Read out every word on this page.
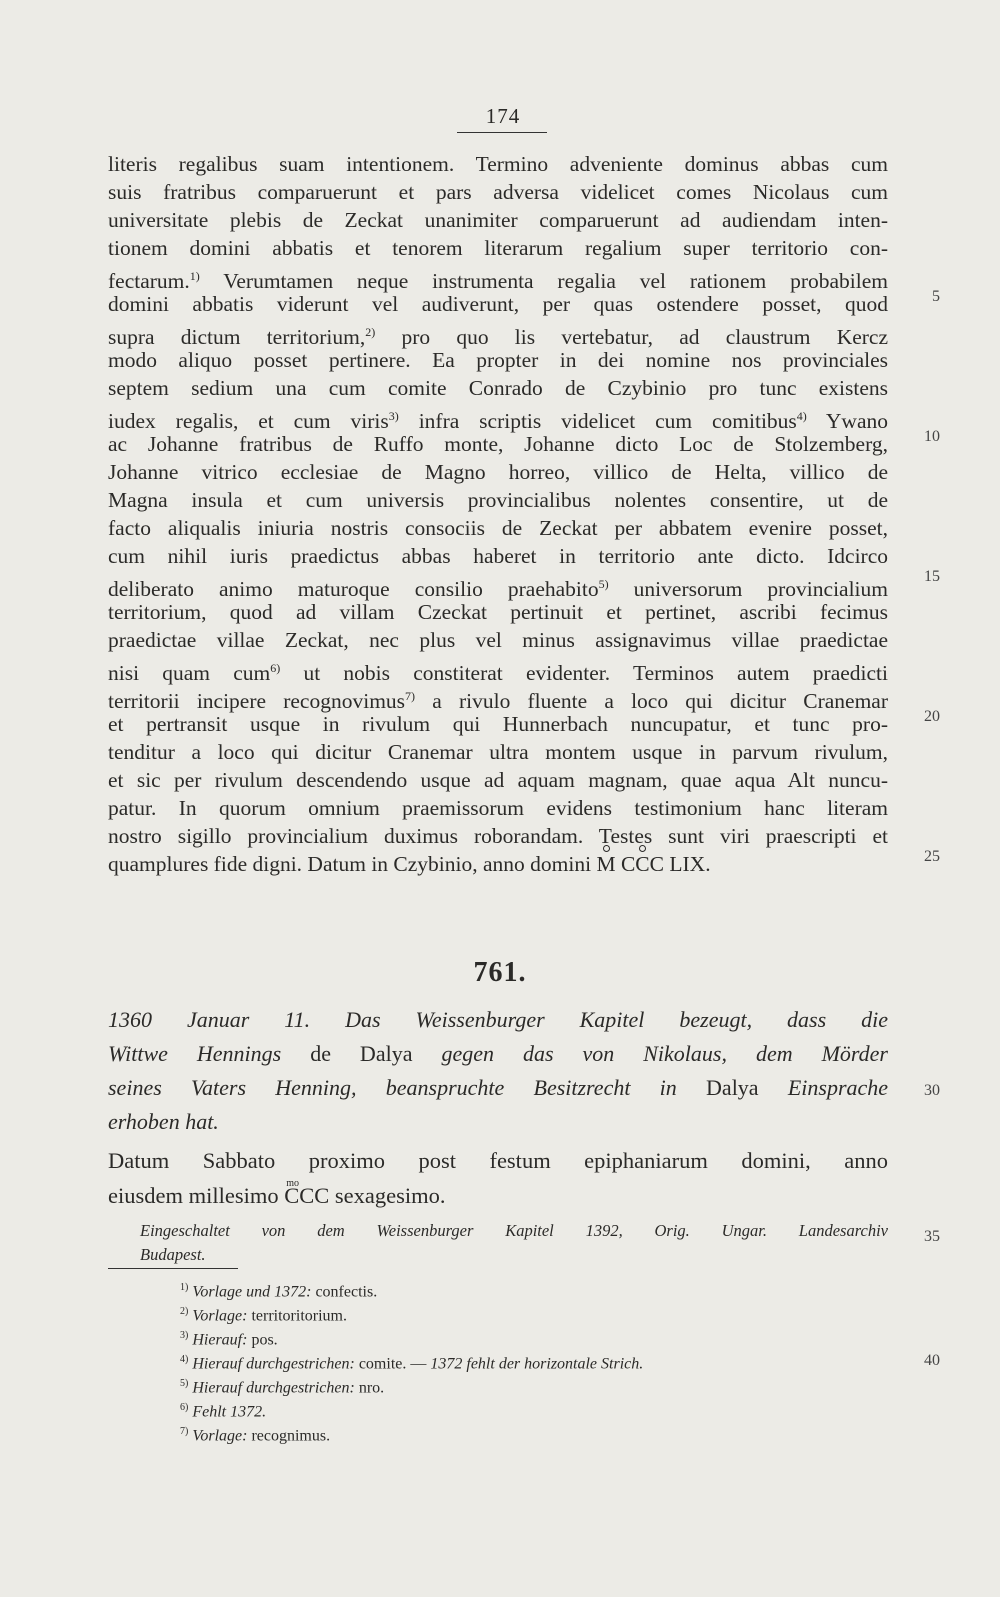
174
literis regalibus suam intentionem. Termino adveniente dominus abbas cum
suis fratribus comparuerunt et pars adversa videlicet comes Nicolaus cum
universitate plebis de Zeckat unanimiter comparuerunt ad audiendam inten-
tionem domini abbatis et tenorem literarum regalium super territorio con-
fectarum.$^{1)}$ Verumtamen neque instrumenta regalia vel rationem probabilem
domini abbatis viderunt vel audiverunt, per quas ostendere posset, quod
supra dictum territorium,$^{2)}$ pro quo lis vertebatur, ad claustrum Kercz
modo aliquo posset pertinere. Ea propter in dei nomine nos provinciales
septem sedium una cum comite Conrado de Czybinio pro tunc existens
iudex regalis, et cum viris$^{3)}$ infra scriptis videlicet cum comitibus$^{4)}$ Ywano
ac Johanne fratribus de Ruffo monte, Johanne dicto Loc de Stolzemberg,
Johanne vitrico ecclesiae de Magno horreo, villico de Helta, villico de
Magna insula et cum universis provincialibus nolentes consentire, ut de
facto aliqualis iniuria nostris consociis de Zeckat per abbatem evenire posset,
cum nihil iuris praedictus abbas haberet in territorio ante dicto. Idcirco
deliberato animo maturoque consilio praehabito$^{5)}$ universorum provincialium
territorium, quod ad villam Czeckat pertinuit et pertinet, ascribi fecimus
praedictae villae Zeckat, nec plus vel minus assignavimus villae praedictae
nisi quam cum$^{6)}$ ut nobis constiterat evidenter. Terminos autem praedicti
territorii incipere recognovimus$^{7)}$ a rivulo fluente a loco qui dicitur Cranemar
et pertransit usque in rivulum qui Hunnerbach nuncupatur, et tunc pro-
tenditur a loco qui dicitur Cranemar ultra montem usque in parvum rivulum,
et sic per rivulum descendendo usque ad aquam magnam, quae aqua Alt nuncu-
patur. In quorum omnium praemissorum evidens testimonium hanc literam
nostro sigillo provincialium duximus roborandam. Testes sunt viri praescripti et
quamplures fide digni. Datum in Czybinio, anno domini M CCC LIX.
5
10
15
20
25
30
35
40
761.
1360 Januar 11. Das Weissenburger Kapitel bezeugt, dass die
Wittwe Hennings de Dalya gegen das von Nikolaus, dem Mörder
seines Vaters Henning, beanspruchte Besitzrecht in Dalya Einsprache
erhoben hat.
Datum Sabbato proximo post festum epiphaniarum domini, anno
eiusdem millesimo mo CCC sexagesimo.
Eingeschaltet von dem Weissenburger Kapitel 1392, Orig. Ungar. Landesarchiv
Budapest.
$^{1)}$ Vorlage und 1372: confectis.
$^{2)}$ Vorlage: territoritorium.
$^{3)}$ Hierauf: pos.
$^{4)}$ Hierauf durchgestrichen: comite. — 1372 fehlt der horizontale Strich.
$^{5)}$ Hierauf durchgestrichen: nro.
$^{6)}$ Fehlt 1372.
$^{7)}$ Vorlage: recognimus.
